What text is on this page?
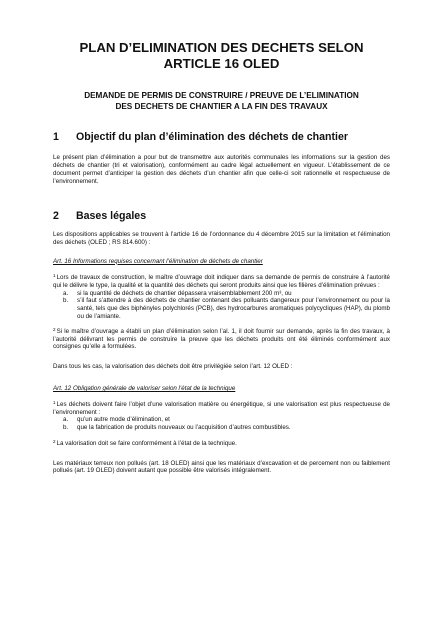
PLAN D’ELIMINATION DES DECHETS SELON
ARTICLE 16 OLED
DEMANDE DE PERMIS DE CONSTRUIRE / PREUVE DE L’ELIMINATION
DES DECHETS DE CHANTIER A LA FIN DES TRAVAUX
1	Objectif du plan d’élimination des déchets de chantier

Le présent plan d’élimination a pour but de transmettre aux autorités communales les informations sur la gestion des déchets de chantier (tri et valorisation), conformément au cadre légal actuellement en vigueur. L’établissement de ce document permet d’anticiper la gestion des déchets d’un chantier afin que celle-ci soit rationnelle et respectueuse de l’environnement.

2	Bases légales

Les dispositions applicables se trouvent à l’article 16 de l’ordonnance du 4 décembre 2015 sur la limitation et l’élimination des déchets (OLED ; RS 814.600) :

Art. 16 Informations requises concernant l’élimination de déchets de chantier

$^1$Lors de travaux de construction, le maître d’ouvrage doit indiquer dans sa demande de permis de construire à l’autorité qui le délivre le type, la qualité et la quantité des déchets qui seront produits ainsi que les filières d’élimination prévues :

a.	si la quantité de déchets de chantier dépassera vraisemblablement 200 m³, ou
b.	s’il faut s’attendre à des déchets de chantier contenant des polluants dangereux pour l’environnement ou pour la santé, tels que des biphényles polychlorés (PCB), des hydrocarbures aromatiques polycycliques (HAP), du plomb ou de l’amiante.

$^2$Si le maître d’ouvrage a établi un plan d’élimination selon l’al. 1, il doit fournir sur demande, après la fin des travaux, à l’autorité délivrant les permis de construire la preuve que les déchets produits ont été éliminés conformément aux consignes qu’elle a formulées.

Dans tous les cas, la valorisation des déchets doit être privilégiée selon l’art. 12 OLED :

Art. 12 Obligation générale de valoriser selon l’état de la technique

$^1$Les déchets doivent faire l’objet d’une valorisation matière ou énergétique, si une valorisation est plus respectueuse de l’environnement :

a.	qu’un autre mode d’élimination, et
b.	que la fabrication de produits nouveaux ou l’acquisition d’autres combustibles.

$^2$La valorisation doit se faire conformément à l’état de la technique.

Les matériaux terreux non pollués (art. 18 OLED) ainsi que les matériaux d’excavation et de percement non ou faiblement pollués (art. 19 OLED) doivent autant que possible être valorisés intégralement.
